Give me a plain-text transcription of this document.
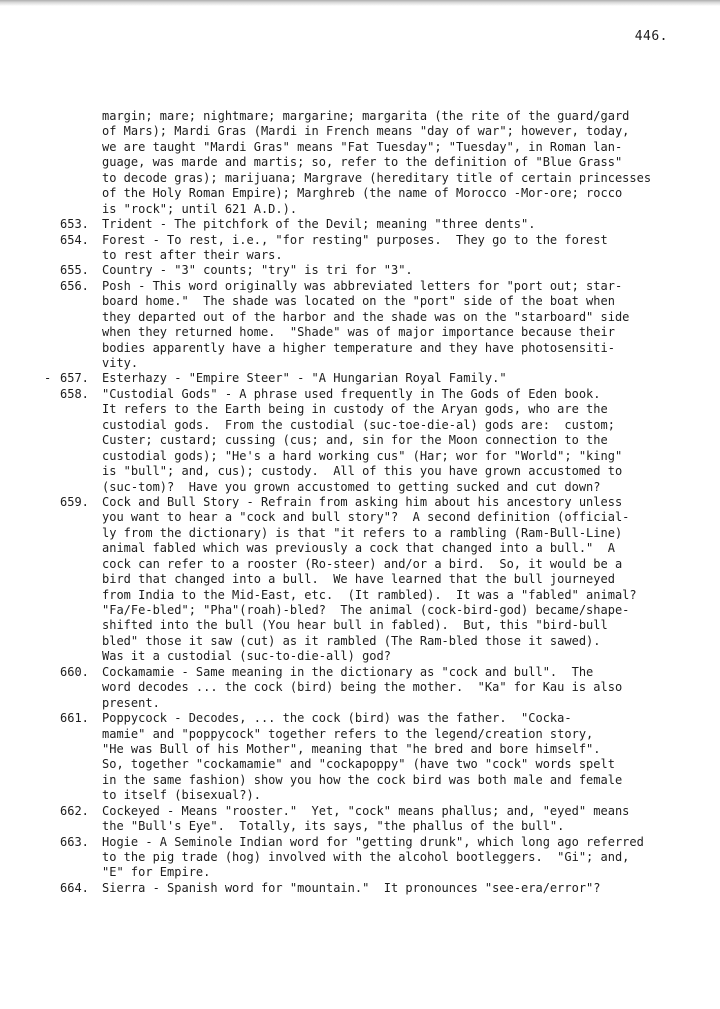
446.
margin; mare; nightmare; margarine; margarita (the rite of the guard/gard
of Mars); Mardi Gras (Mardi in French means "day of war"; however, today,
we are taught "Mardi Gras" means "Fat Tuesday"; "Tuesday", in Roman lan-
guage, was marde and martis; so, refer to the definition of "Blue Grass"
to decode gras); marijuana; Margrave (hereditary title of certain princesses
of the Holy Roman Empire); Marghreb (the name of Morocco -Mor-ore; rocco
is "rock"; until 621 A.D.).
653.	Trident - The pitchfork of the Devil; meaning "three dents".
654.	Forest - To rest, i.e., "for resting" purposes.  They go to the forest
to rest after their wars.
655.	Country - "3" counts; "try" is tri for "3".
656.	Posh - This word originally was abbreviated letters for "port out; star-
board home."  The shade was located on the "port" side of the boat when
they departed out of the harbor and the shade was on the "starboard" side
when they returned home.  "Shade" was of major importance because their
bodies apparently have a higher temperature and they have photosensiti-
vity.
- 657.	Esterhazy - "Empire Steer" - "A Hungarian Royal Family."
658.	"Custodial Gods" - A phrase used frequently in The Gods of Eden book.
It refers to the Earth being in custody of the Aryan gods, who are the
custodial gods.  From the custodial (suc-toe-die-al) gods are:  custom;
Custer; custard; cussing (cus; and, sin for the Moon connection to the
custodial gods); "He's a hard working cus" (Har; wor for "World"; "king"
is "bull"; and, cus); custody.  All of this you have grown accustomed to
(suc-tom)?  Have you grown accustomed to getting sucked and cut down?
659.	Cock and Bull Story - Refrain from asking him about his ancestory unless
you want to hear a "cock and bull story"?  A second definition (official-
ly from the dictionary) is that "it refers to a rambling (Ram-Bull-Line)
animal fabled which was previously a cock that changed into a bull."  A
cock can refer to a rooster (Ro-steer) and/or a bird.  So, it would be a
bird that changed into a bull.  We have learned that the bull journeyed
from India to the Mid-East, etc.  (It rambled).  It was a "fabled" animal?
"Fa/Fe-bled"; "Pha"(roah)-bled?  The animal (cock-bird-god) became/shape-
shifted into the bull (You hear bull in fabled).  But, this "bird-bull
bled" those it saw (cut) as it rambled (The Ram-bled those it sawed).
Was it a custodial (suc-to-die-all) god?
660.	Cockamamie - Same meaning in the dictionary as "cock and bull".  The
word decodes ... the cock (bird) being the mother.  "Ka" for Kau is also
present.
661.	Poppycock - Decodes, ... the cock (bird) was the father.  "Cocka-
mamie" and "poppycock" together refers to the legend/creation story,
"He was Bull of his Mother", meaning that "he bred and bore himself".
So, together "cockamamie" and "cockapoppy" (have two "cock" words spelt
in the same fashion) show you how the cock bird was both male and female
to itself (bisexual?).
662.	Cockeyed - Means "rooster."  Yet, "cock" means phallus; and, "eyed" means
the "Bull's Eye".  Totally, its says, "the phallus of the bull".
663.	Hogie - A Seminole Indian word for "getting drunk", which long ago referred
to the pig trade (hog) involved with the alcohol bootleggers.  "Gi"; and,
"E" for Empire.
664.	Sierra - Spanish word for "mountain."  It pronounces "see-era/error"?
